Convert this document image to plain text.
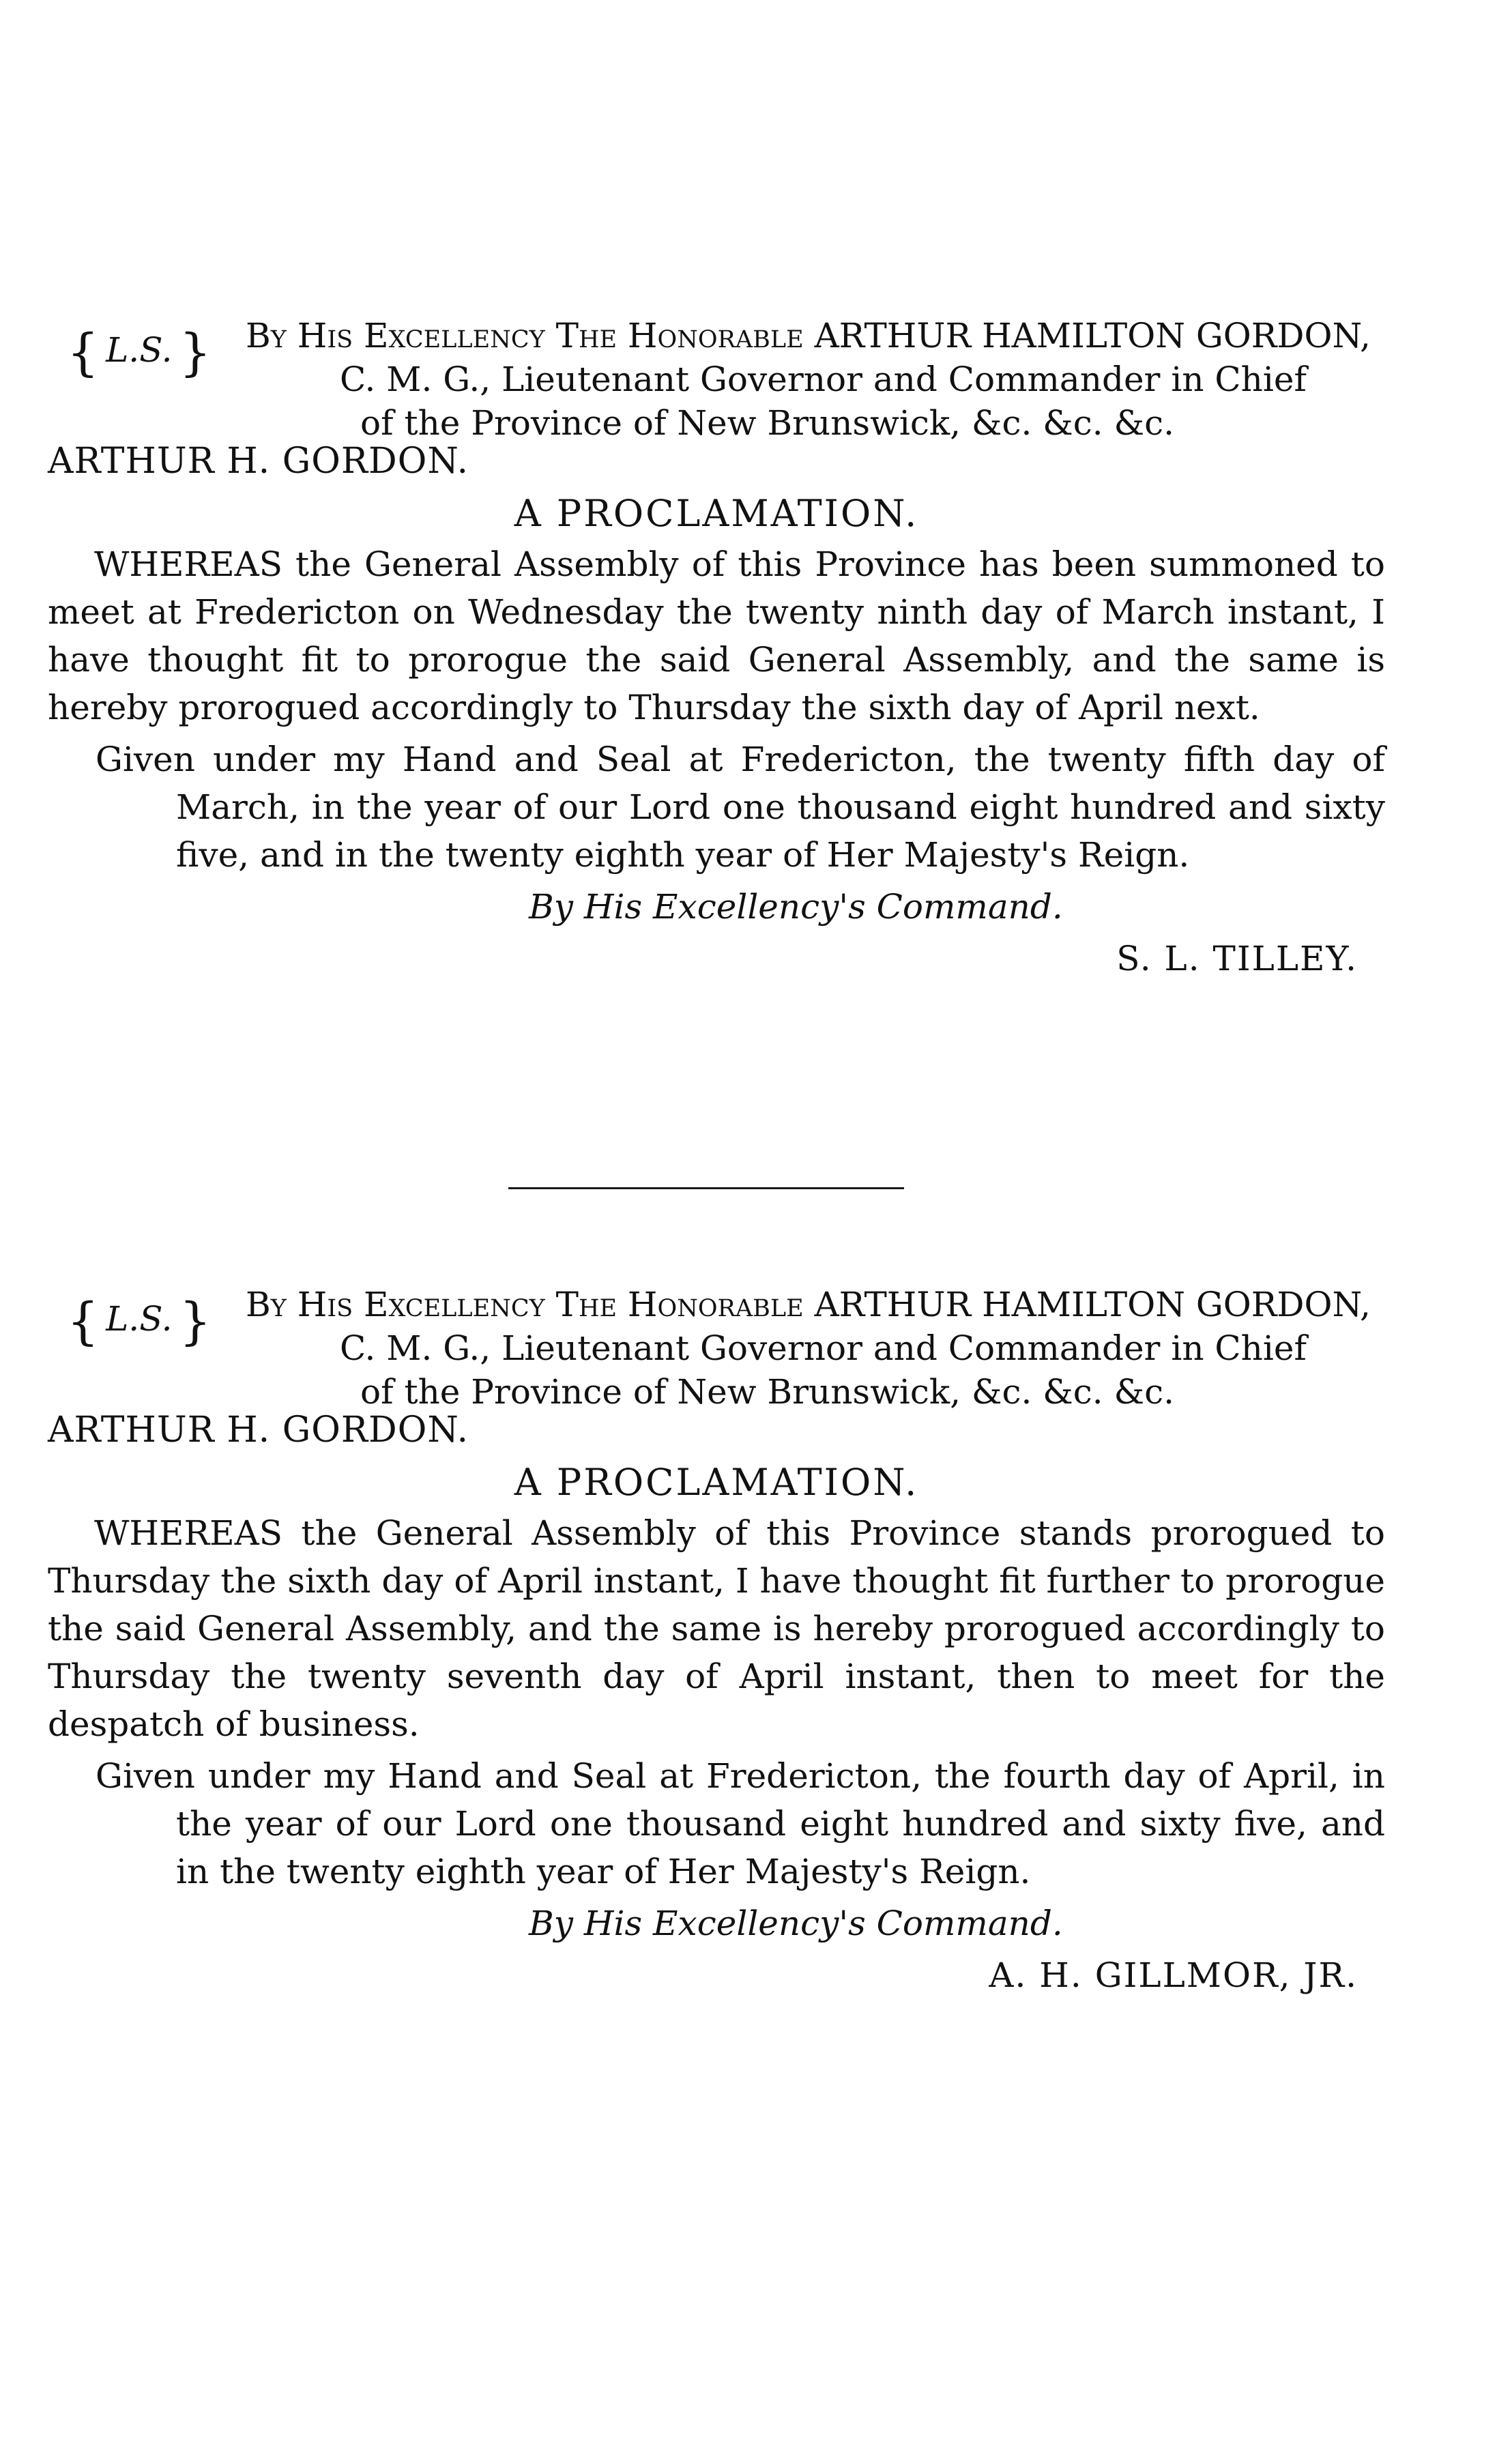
{ L.S. } By His Excellency The Honorable ARTHUR HAMILTON GORDON,
C. M. G., Lieutenant Governor and Commander in Chief
of the Province of New Brunswick, &c. &c. &c.
ARTHUR H. GORDON.
A PROCLAMATION.

WHEREAS the General Assembly of this Province has been summoned to meet at Fredericton on Wednesday the twenty ninth day of March instant, I have thought fit to prorogue the said General Assembly, and the same is hereby prorogued accordingly to Thursday the sixth day of April next.

Given under my Hand and Seal at Fredericton, the twenty fifth day of March, in the year of our Lord one thousand eight hundred and sixty five, and in the twenty eighth year of Her Majesty's Reign.

By His Excellency's Command.
S. L. TILLEY.
{ L.S. } By His Excellency The Honorable ARTHUR HAMILTON GORDON,
C. M. G., Lieutenant Governor and Commander in Chief
of the Province of New Brunswick, &c. &c. &c.
ARTHUR H. GORDON.
A PROCLAMATION.

WHEREAS the General Assembly of this Province stands prorogued to Thursday the sixth day of April instant, I have thought fit further to prorogue the said General Assembly, and the same is hereby prorogued accordingly to Thursday the twenty seventh day of April instant, then to meet for the despatch of business.

Given under my Hand and Seal at Fredericton, the fourth day of April, in the year of our Lord one thousand eight hundred and sixty five, and in the twenty eighth year of Her Majesty's Reign.

By His Excellency's Command.
A. H. GILLMOR, JR.
